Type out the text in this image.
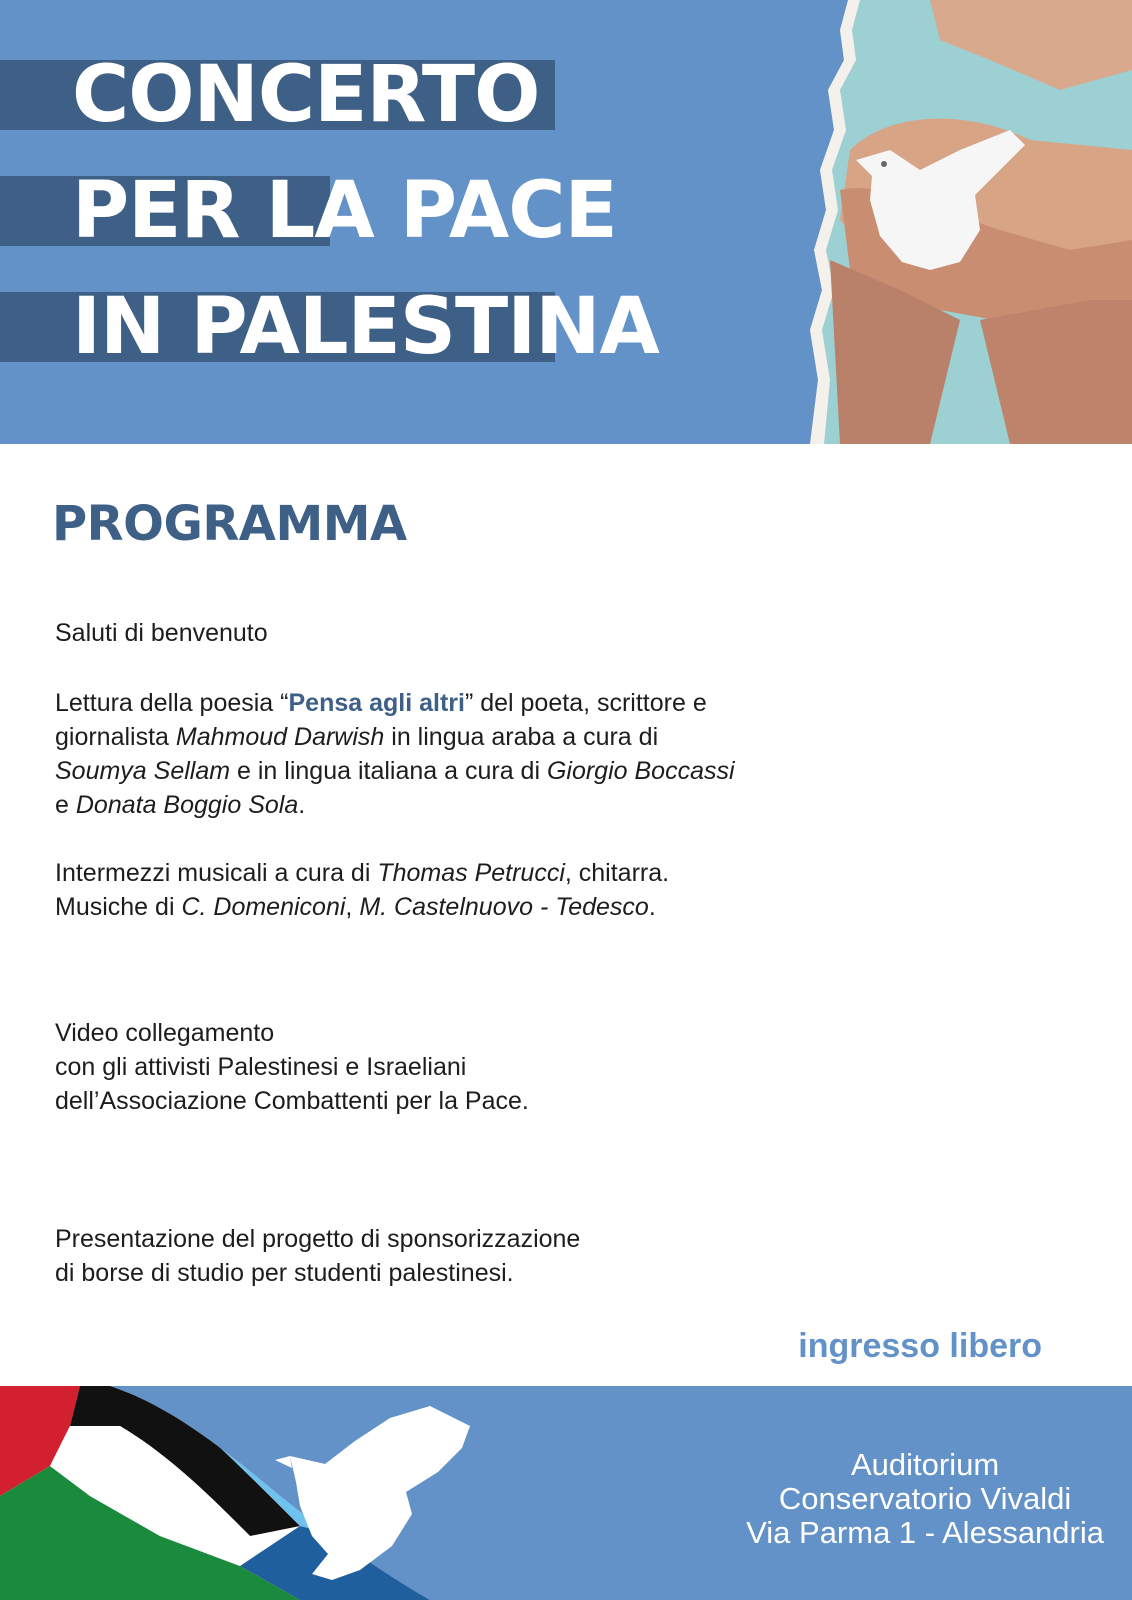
CONCERTO

PER LA PACE

IN PALESTINA

PROGRAMMA

Saluti di benvenuto

Lettura della poesia “Pensa agli altri” del poeta, scrittore e giornalista Mahmoud Darwish in lingua araba a cura di Soumya Sellam e in lingua italiana a cura di Giorgio Boccassi e Donata Boggio Sola.

Intermezzi musicali a cura di Thomas Petrucci, chitarra.
Musiche di C. Domeniconi, M. Castelnuovo - Tedesco.

Video collegamento
con gli attivisti Palestinesi e Israeliani
dell’Associazione Combattenti per la Pace.

Presentazione del progetto di sponsorizzazione
di borse di studio per studenti palestinesi.

ingresso libero

Auditorium
Conservatorio Vivaldi
Via Parma 1 - Alessandria
